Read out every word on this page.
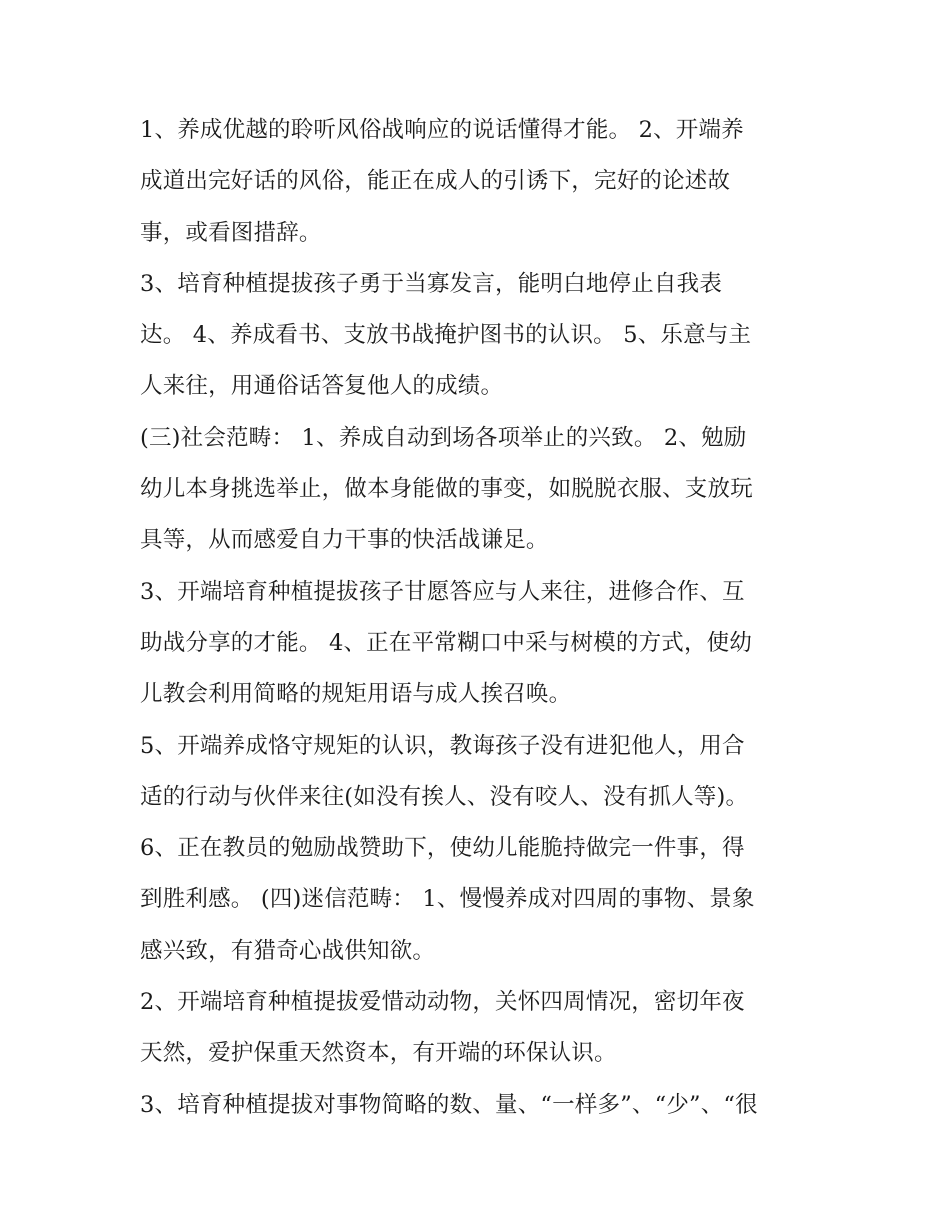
1、养成优越的聆听风俗战响应的说话懂得才能。 2、开端养
成道出完好话的风俗，能正在成人的引诱下，完好的论述故
事，或看图措辞。
3、培育种植提拔孩子勇于当寡发言，能明白地停止自我表
达。 4、养成看书、支放书战掩护图书的认识。 5、乐意与主
人来往，用通俗话答复他人的成绩。
(三)社会范畴： 1、养成自动到场各项举止的兴致。 2、勉励
幼儿本身挑选举止，做本身能做的事变，如脱脱衣服、支放玩
具等，从而感爱自力干事的快活战谦足。
3、开端培育种植提拔孩子甘愿答应与人来往，进修合作、互
助战分享的才能。 4、正在平常糊口中采与树模的方式，使幼
儿教会利用简略的规矩用语与成人挨召唤。
5、开端养成恪守规矩的认识，教诲孩子没有进犯他人，用合
适的行动与伙伴来往(如没有挨人、没有咬人、没有抓人等)。
6、正在教员的勉励战赞助下，使幼儿能脆持做完一件事，得
到胜利感。 (四)迷信范畴： 1、慢慢养成对四周的事物、景象
感兴致，有猎奇心战供知欲。
2、开端培育种植提拔爱惜动动物，关怀四周情况，密切年夜
天然，爱护保重天然资本，有开端的环保认识。
3、培育种植提拔对事物简略的数、量、“一样多”、“少”、“很
